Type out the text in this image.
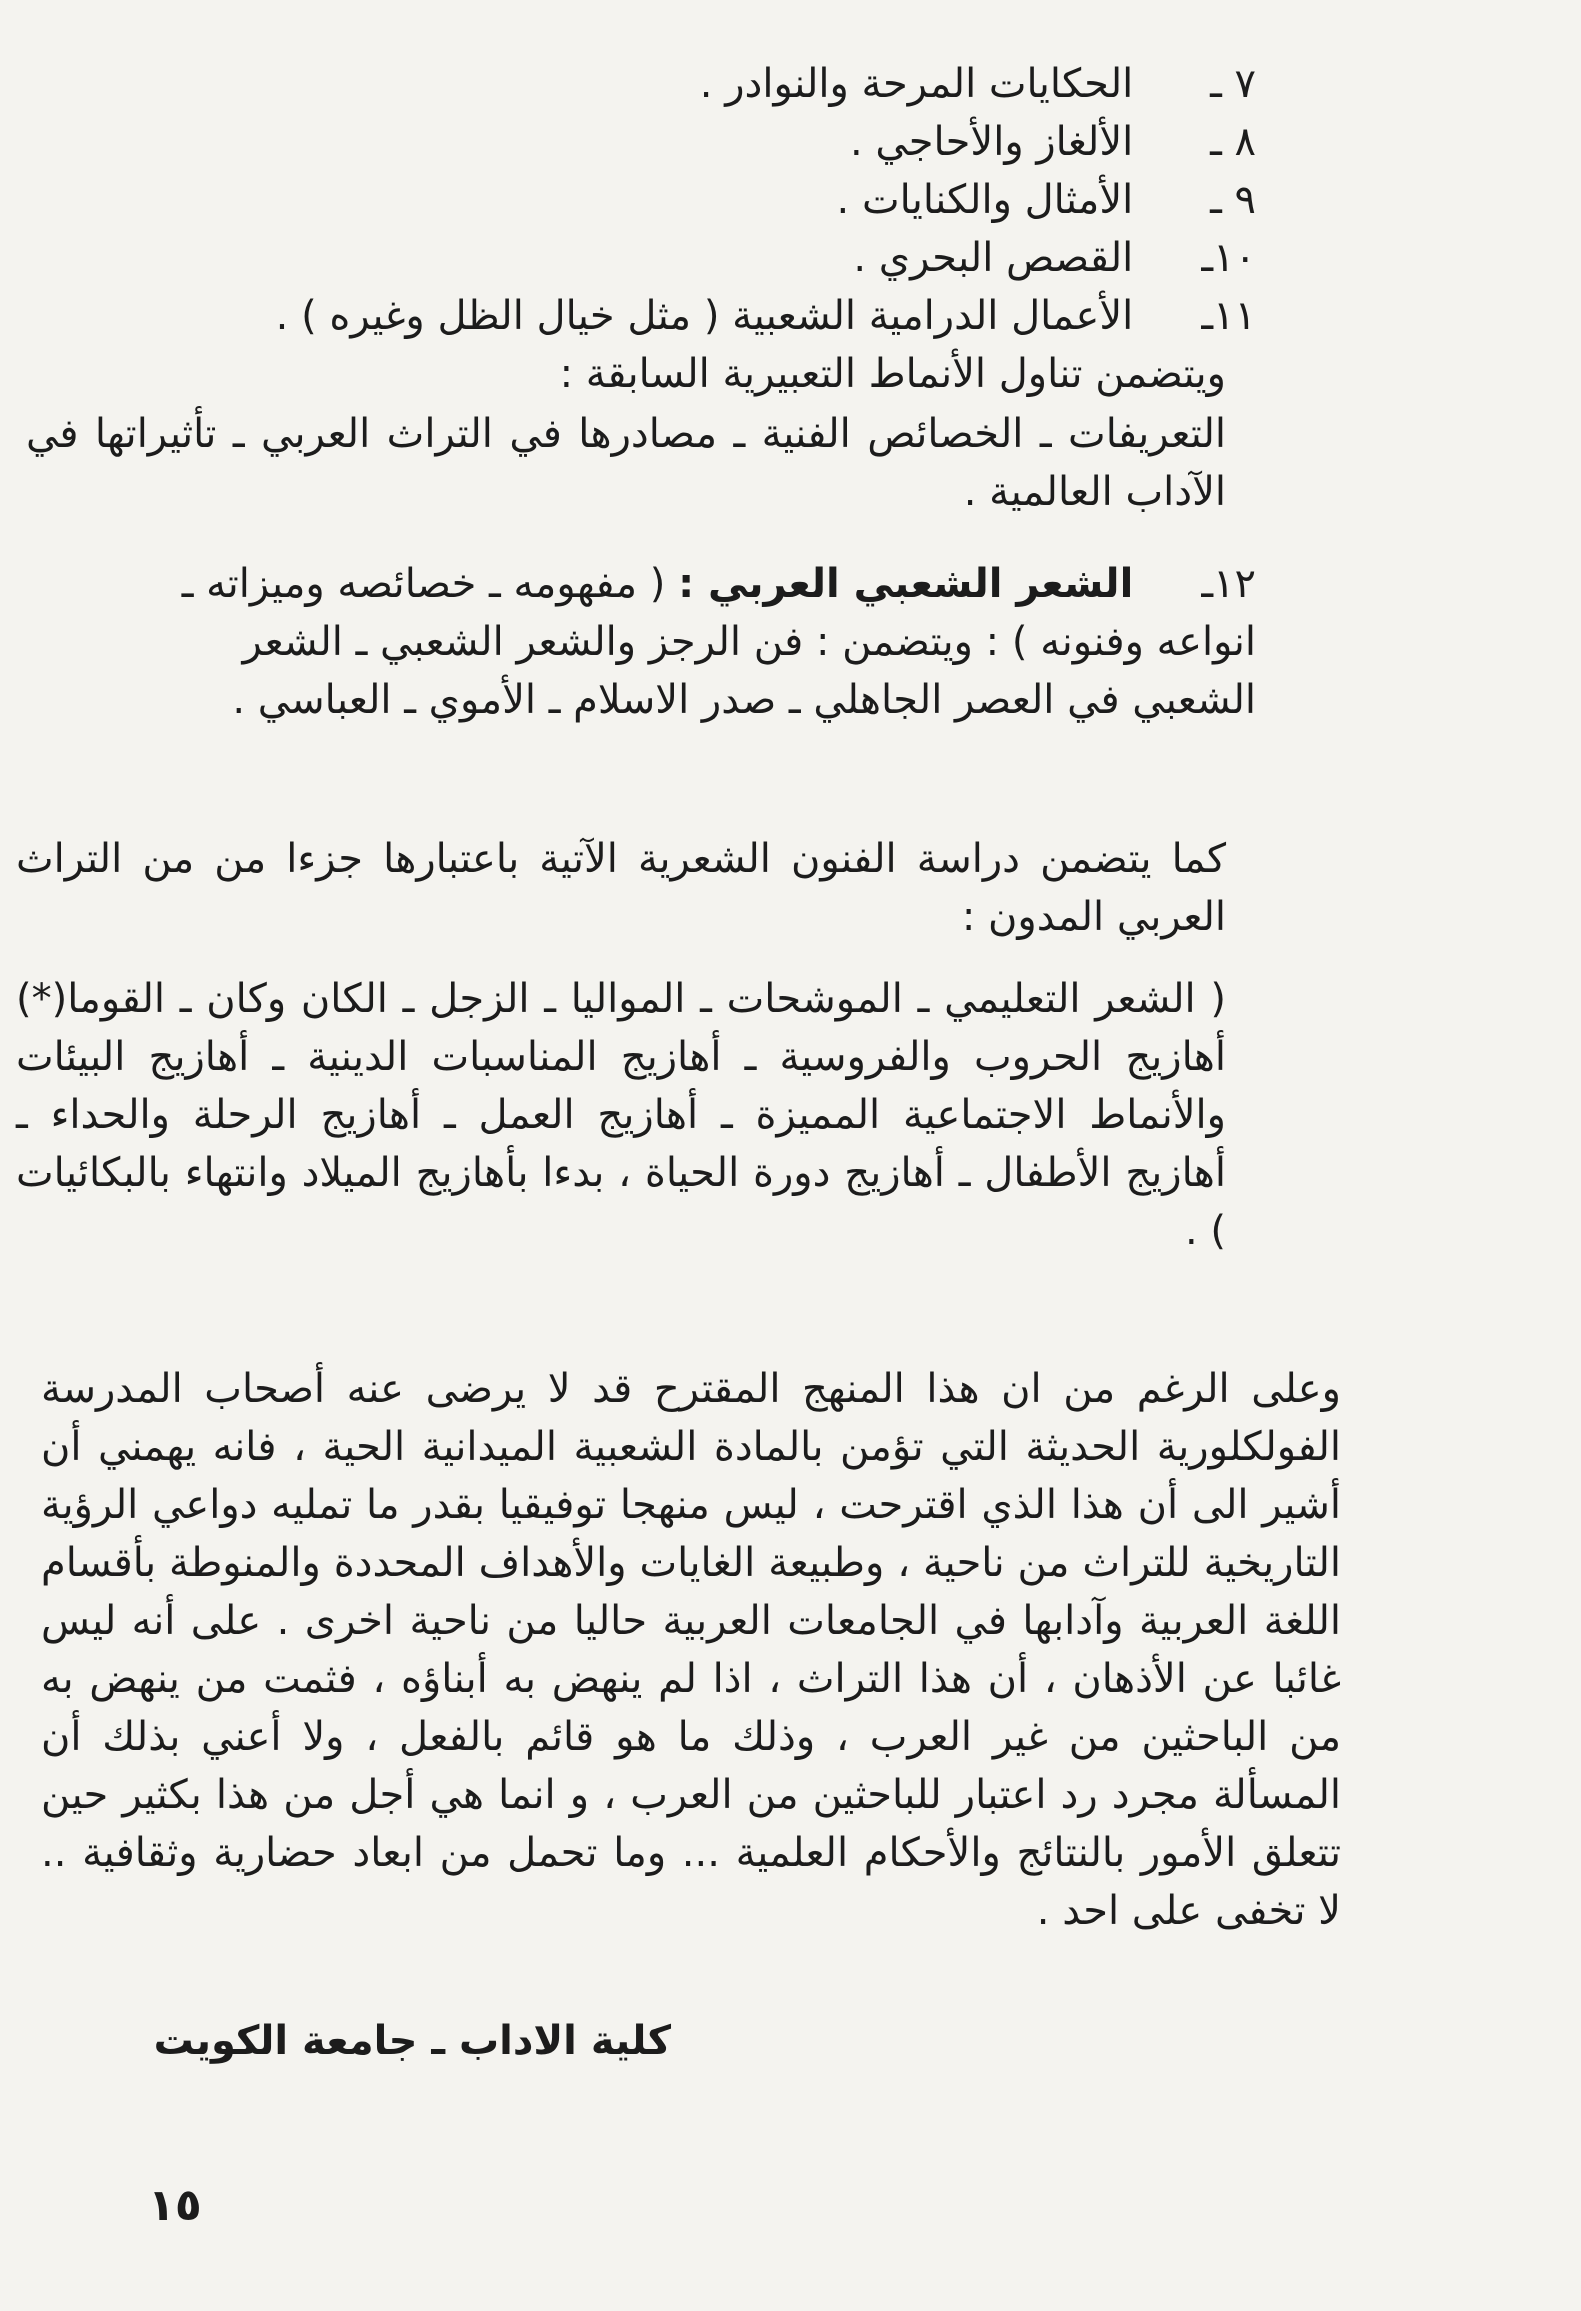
٧ ـ الحكايات المرحة والنوادر .
٨ ـ الألغاز والأحاجي .
٩ ـ الأمثال والكنايات .
١٠ـ القصص البحري .
١١ـ الأعمال الدرامية الشعبية ( مثل خيال الظل وغيره ) .
ويتضمن تناول الأنماط التعبيرية السابقة :
التعريفات ـ الخصائص الفنية ـ مصادرها في التراث العربي ـ تأثيراتها في الآداب العالمية .
١٢ـ الشعر الشعبي العربي : ( مفهومه ـ خصائصه وميزاته ـ انواعه وفنونه ) : ويتضمن : فن الرجز والشعر الشعبي ـ الشعر الشعبي في العصر الجاهلي ـ صدر الاسلام ـ الأموي ـ العباسي .
كما يتضمن دراسة الفنون الشعرية الآتية باعتبارها جزءا من من التراث العربي المدون :
( الشعر التعليمي ـ الموشحات ـ المواليا ـ الزجل ـ الكان وكان ـ القوما(*) أهازيج الحروب والفروسية ـ أهازيج المناسبات الدينية ـ أهازيج البيئات والأنماط الاجتماعية المميزة ـ أهازيج العمل ـ أهازيج الرحلة والحداء ـ أهازيج الأطفال ـ أهازيج دورة الحياة ، بدءا بأهازيج الميلاد وانتهاء بالبكائيات ) .
وعلى الرغم من ان هذا المنهج المقترح قد لا يرضى عنه أصحاب المدرسة الفولكلورية الحديثة التي تؤمن بالمادة الشعبية الميدانية الحية ، فانه يهمني أن أشير الى أن هذا الذي اقترحت ، ليس منهجا توفيقيا بقدر ما تمليه دواعي الرؤية التاريخية للتراث من ناحية ، وطبيعة الغايات والأهداف المحددة والمنوطة بأقسام اللغة العربية وآدابها في الجامعات العربية حاليا من ناحية اخرى . على أنه ليس غائبا عن الأذهان ، أن هذا التراث ، اذا لم ينهض به أبناؤه ، فثمت من ينهض به من الباحثين من غير العرب ، وذلك ما هو قائم بالفعل ، ولا أعني بذلك أن المسألة مجرد رد اعتبار للباحثين من العرب ، و انما هي أجل من هذا بكثير حين تتعلق الأمور بالنتائج والأحكام العلمية ... وما تحمل من ابعاد حضارية وثقافية .. لا تخفى على احد .
كلية الاداب ـ جامعة الكويت
١٥
